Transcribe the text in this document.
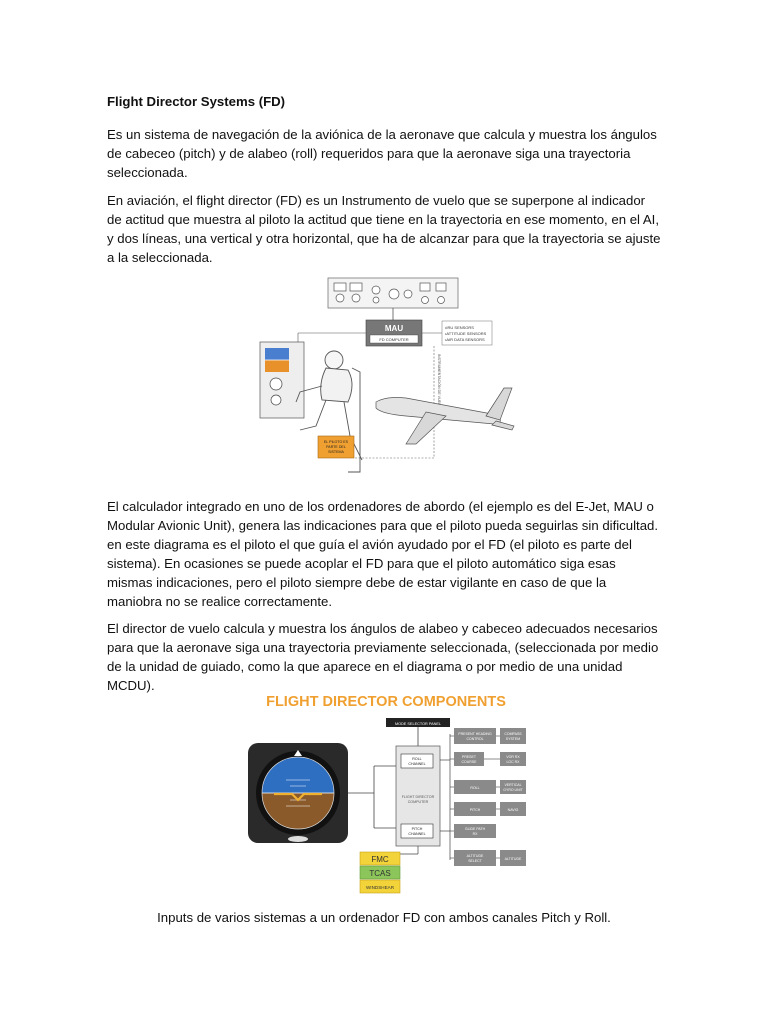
Flight Director Systems (FD)

Es un sistema de navegación de la aviónica de la aeronave que calcula y muestra los ángulos de cabeceo (pitch) y de alabeo (roll) requeridos para que la aeronave siga una trayectoria seleccionada.

En aviación, el flight director (FD) es un Instrumento de vuelo que se superpone al indicador de actitud que muestra al piloto la actitud que tiene en la trayectoria en ese momento, en el AI, y dos líneas, una vertical y otra horizontal, que ha de alcanzar para que la trayectoria se ajuste a la seleccionada.

MAU
FD COMPUTER
•IRU SENSORS
•ATTITUDE SENSORS
•AIR DATA SENSORS
INSTRUMENTACIÓN DE VUELO
EL PILOTO ES
PARTE DEL
SISTEMA

El calculador integrado en uno de los ordenadores de abordo (el ejemplo es del E-Jet, MAU o Modular Avionic Unit), genera las indicaciones para que el piloto pueda seguirlas sin dificultad. en este diagrama es el piloto el que guía el avión ayudado por el FD (el piloto es parte del sistema). En ocasiones se puede acoplar el FD para que el piloto automático siga esas mismas indicaciones, pero el piloto siempre debe de estar vigilante en caso de que la maniobra no se realice correctamente.

El director de vuelo calcula y muestra los ángulos de alabeo y cabeceo adecuados necesarios para que la aeronave siga una trayectoria previamente seleccionada, (seleccionada por medio de la unidad de guiado, como la que aparece en el diagrama o por medio de una unidad MCDU).

FLIGHT DIRECTOR COMPONENTS
MODE SELECTOR PANEL
ROLL
CHANNEL
FLIGHT DIRECTOR
COMPUTER
PITCH
CHANNEL
PRESENT HEADING
CONTROL
PRESET
COURSE
ROLL
PITCH
GLIDE PATH
RX
ALTITUDE
SELECT
COMPASS
SYSTEM
VOR RX
LOC RX
VERTICAL
GYRO UNIT
NAVIG
ALTITUDE
FMC
TCAS
WINDSHEAR
Inputs de varios sistemas a un ordenador FD con ambos canales Pitch y Roll.
